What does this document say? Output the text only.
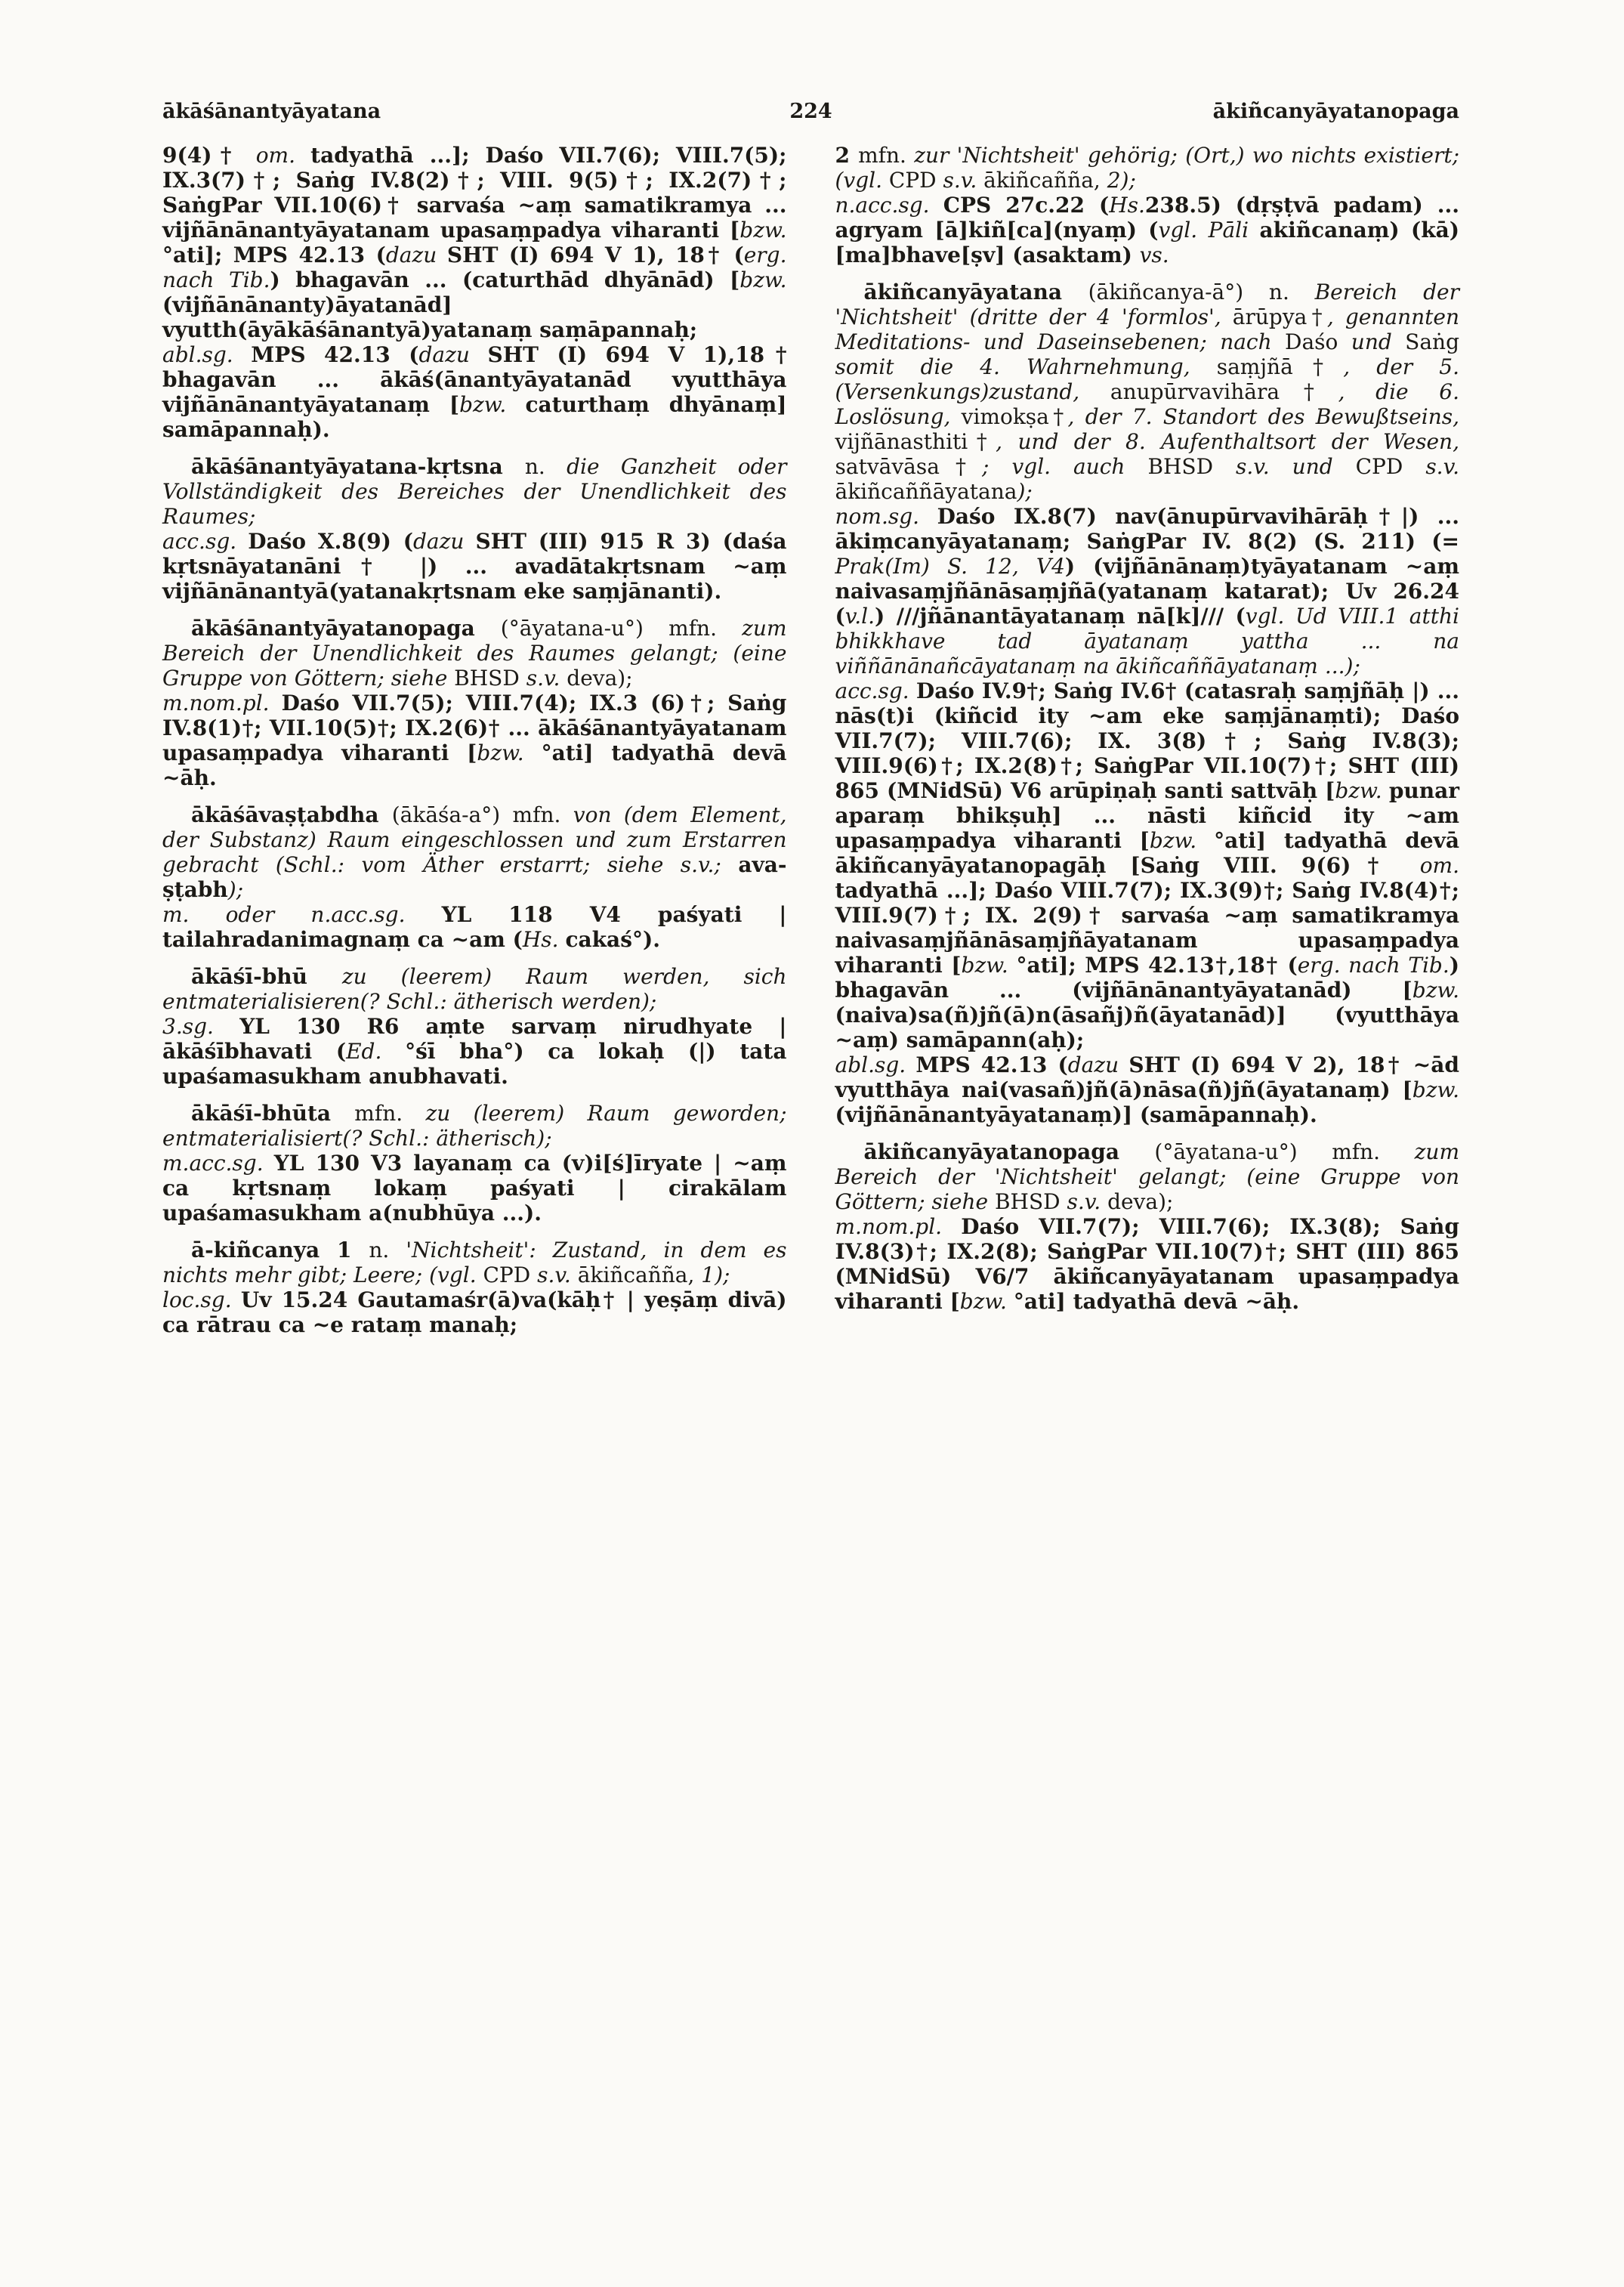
ākāśānantyāyatana	224	ākiñcanyāyatanopaga

9(4)† om. tadyathā ...]; Daśo VII.7(6); VIII.7(5); IX.3(7)†; Saṅg IV.8(2)†; VIII. 9(5)†; IX.2(7)†; SaṅgPar VII.10(6)† sarvaśa ~aṃ samatikramya ... vijñānānantyāyatanam upasaṃpadya viharanti [bzw. °ati]; MPS 42.13 (dazu SHT (I) 694 V 1), 18† (erg. nach Tib.) bhagavān ... (caturthād dhyānād) [bzw. (vijñānānanty)āyatanād] vyutth(āyākāśānantyā)yatanaṃ saṃāpannaḥ;

abl.sg. MPS 42.13 (dazu SHT (I) 694 V 1),18† bhagavān ... ākāś(ānantyāyatanād vyutthāya vijñānānantyāyatanaṃ [bzw. caturthaṃ dhyānaṃ] samāpannaḥ).

ākāśānantyāyatana-kṛtsna n. die Ganzheit oder Vollständigkeit des Bereiches der Unendlichkeit des Raumes;

acc.sg. Daśo X.8(9) (dazu SHT (III) 915 R 3) (daśa kṛtsnāyatanāni† |) ... avadātakṛtsnam ~aṃ vijñānānantyā(yatanakṛtsnam eke saṃjānanti).

ākāśānantyāyatanopaga (°āyatana-u°) mfn. zum Bereich der Unendlichkeit des Raumes gelangt; (eine Gruppe von Göttern; siehe BHSD s.v. deva);

m.nom.pl. Daśo VII.7(5); VIII.7(4); IX.3 (6)†; Saṅg IV.8(1)†; VII.10(5)†; IX.2(6)† ... ākāśānantyāyatanam upasaṃpadya viharanti [bzw. °ati] tadyathā devā ~āḥ.

ākāśāvaṣṭabdha (ākāśa-a°) mfn. von (dem Element, der Substanz) Raum eingeschlossen und zum Erstarren gebracht (Schl.: vom Äther erstarrt; siehe s.v.; ava-ṣṭabh);

m. oder n.acc.sg. YL 118 V4 paśyati | tailahradanimagnaṃ ca ~am (Hs. cakaś°).

ākāśī-bhū zu (leerem) Raum werden, sich entmaterialisieren(? Schl.: ätherisch werden);

3.sg. YL 130 R6 aṃte sarvaṃ nirudhyate | ākāśībhavati (Ed. °śī bha°) ca lokaḥ (|) tata upaśamasukham anubhavati.

ākāśī-bhūta mfn. zu (leerem) Raum geworden; entmaterialisiert(? Schl.: ätherisch);

m.acc.sg. YL 130 V3 layanaṃ ca (v)i[ś]īryate | ~aṃ ca kṛtsnaṃ lokaṃ paśyati | cirakālam upaśamasukham a(nubhūya ...).

ā-kiñcanya 1 n. 'Nichtsheit': Zustand, in dem es nichts mehr gibt; Leere; (vgl. CPD s.v. ākiñcañña, 1);

loc.sg. Uv 15.24 Gautamaśr(ā)va(kāḥ† | yeṣāṃ divā) ca rātrau ca ~e rataṃ manaḥ;

2 mfn. zur 'Nichtsheit' gehörig; (Ort,) wo nichts existiert; (vgl. CPD s.v. ākiñcañña, 2);

n.acc.sg. CPS 27c.22 (Hs.238.5) (dṛṣṭvā padam) ... agryam [ā]kiñ[ca](nyaṃ) (vgl. Pāli akiñcanaṃ) (kā)[ma]bhave[ṣv] (asaktam) vs.

ākiñcanyāyatana (ākiñcanya-ā°) n. Bereich der 'Nichtsheit' (dritte der 4 'formlos', ārūpya†, genannten Meditations- und Daseinsebenen; nach Daśo und Saṅg somit die 4. Wahrnehmung, saṃjñā†, der 5. (Versenkungs)zustand, anupūrvavihāra†, die 6. Loslösung, vimokṣa†, der 7. Standort des Bewußtseins, vijñānasthiti†, und der 8. Aufenthaltsort der Wesen, satvāvāsa†; vgl. auch BHSD s.v. und CPD s.v. ākiñcaññāyatana);

nom.sg. Daśo IX.8(7) nav(ānupūrvavihārāḥ†|) ... ākiṃcanyāyatanaṃ; SaṅgPar IV. 8(2) (S. 211) (= Prak(Im) S. 12, V4) (vijñānānaṃ)tyāyatanam ~aṃ naivasaṃjñānāsaṃjñā(yatanaṃ katarat); Uv 26.24 (v.l.) ///jñānantāyatanaṃ nā[k]/// (vgl. Ud VIII.1 atthi bhikkhave tad āyatanaṃ yattha ... na viññānānañcāyatanaṃ na ākiñcaññāyatanaṃ ...);

acc.sg. Daśo IV.9†; Saṅg IV.6† (catasraḥ saṃjñāḥ |) ... nās(t)i (kiñcid ity ~am eke saṃjānaṃti); Daśo VII.7(7); VIII.7(6); IX. 3(8)†; Saṅg IV.8(3); VIII.9(6)†; IX.2(8)†; SaṅgPar VII.10(7)†; SHT (III) 865 (MNidSū) V6 arūpiṇaḥ santi sattvāḥ [bzw. punar aparaṃ bhikṣuḥ] ... nāsti kiñcid ity ~am upasaṃpadya viharanti [bzw. °ati] tadyathā devā ākiñcanyāyatanopagāḥ [Saṅg VIII. 9(6)† om. tadyathā ...]; Daśo VIII.7(7); IX.3(9)†; Saṅg IV.8(4)†; VIII.9(7)†; IX. 2(9)† sarvaśa ~aṃ samatikramya naivasaṃjñānāsaṃjñāyatanam upasaṃpadya viharanti [bzw. °ati]; MPS 42.13†,18† (erg. nach Tib.) bhagavān ... (vijñānānantyāyatanād) [bzw. (naiva)sa(ñ)jñ(ā)n(āsañj)ñ(āyatanād)] (vyutthāya ~aṃ) samāpann(aḥ);

abl.sg. MPS 42.13 (dazu SHT (I) 694 V 2), 18† ~ād vyutthāya nai(vasañ)jñ(ā)nāsa(ñ)jñ(āyatanaṃ) [bzw. (vijñānānantyāyatanaṃ)] (samāpannaḥ).

ākiñcanyāyatanopaga (°āyatana-u°) mfn. zum Bereich der 'Nichtsheit' gelangt; (eine Gruppe von Göttern; siehe BHSD s.v. deva);

m.nom.pl. Daśo VII.7(7); VIII.7(6); IX.3(8); Saṅg IV.8(3)†; IX.2(8); SaṅgPar VII.10(7)†; SHT (III) 865 (MNidSū) V6/7 ākiñcanyāyatanam upasaṃpadya viharanti [bzw. °ati] tadyathā devā ~āḥ.
